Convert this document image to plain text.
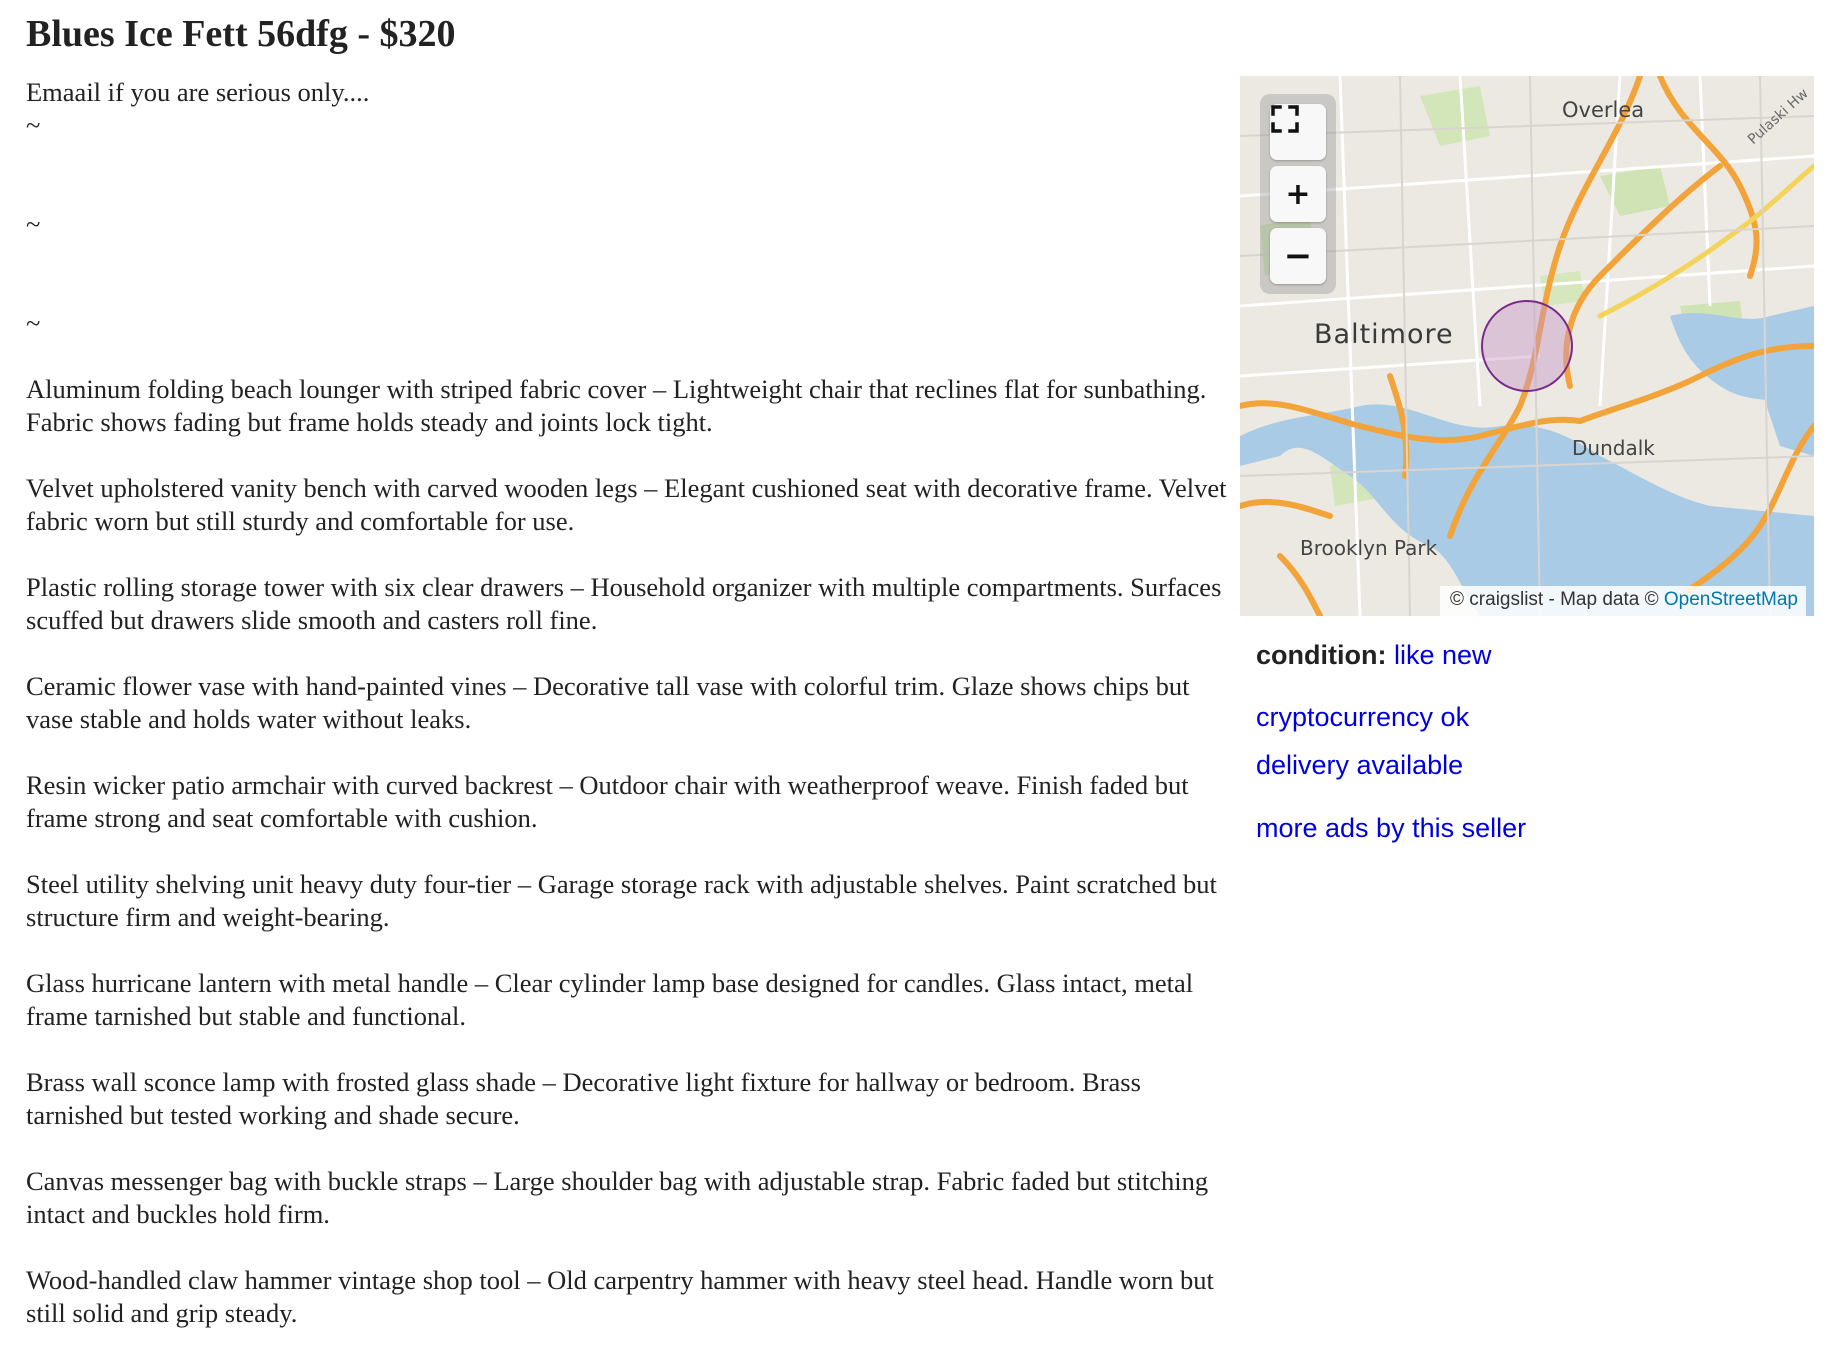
Blues Ice Fett 56dfg - $320

Emaail if you are serious only....

~

~

~

Aluminum folding beach lounger with striped fabric cover – Lightweight chair that reclines flat for sunbathing. Fabric shows fading but frame holds steady and joints lock tight.

Velvet upholstered vanity bench with carved wooden legs – Elegant cushioned seat with decorative frame. Velvet fabric worn but still sturdy and comfortable for use.

Plastic rolling storage tower with six clear drawers – Household organizer with multiple compartments. Surfaces scuffed but drawers slide smooth and casters roll fine.

Ceramic flower vase with hand-painted vines – Decorative tall vase with colorful trim. Glaze shows chips but vase stable and holds water without leaks.

Resin wicker patio armchair with curved backrest – Outdoor chair with weatherproof weave. Finish faded but frame strong and seat comfortable with cushion.

Steel utility shelving unit heavy duty four-tier – Garage storage rack with adjustable shelves. Paint scratched but structure firm and weight-bearing.

Glass hurricane lantern with metal handle – Clear cylinder lamp base designed for candles. Glass intact, metal frame tarnished but stable and functional.

Brass wall sconce lamp with frosted glass shade – Decorative light fixture for hallway or bedroom. Brass tarnished but tested working and shade secure.

Canvas messenger bag with buckle straps – Large shoulder bag with adjustable strap. Fabric faded but stitching intact and buckles hold firm.

Wood-handled claw hammer vintage shop tool – Old carpentry hammer with heavy steel head. Handle worn but still solid and grip steady.

Overlea	Pulaski Hw
Baltimore
Dundalk
Brooklyn Park
+
−
© craigslist - Map data © OpenStreetMap
condition: like new
cryptocurrency ok
delivery available
more ads by this seller
